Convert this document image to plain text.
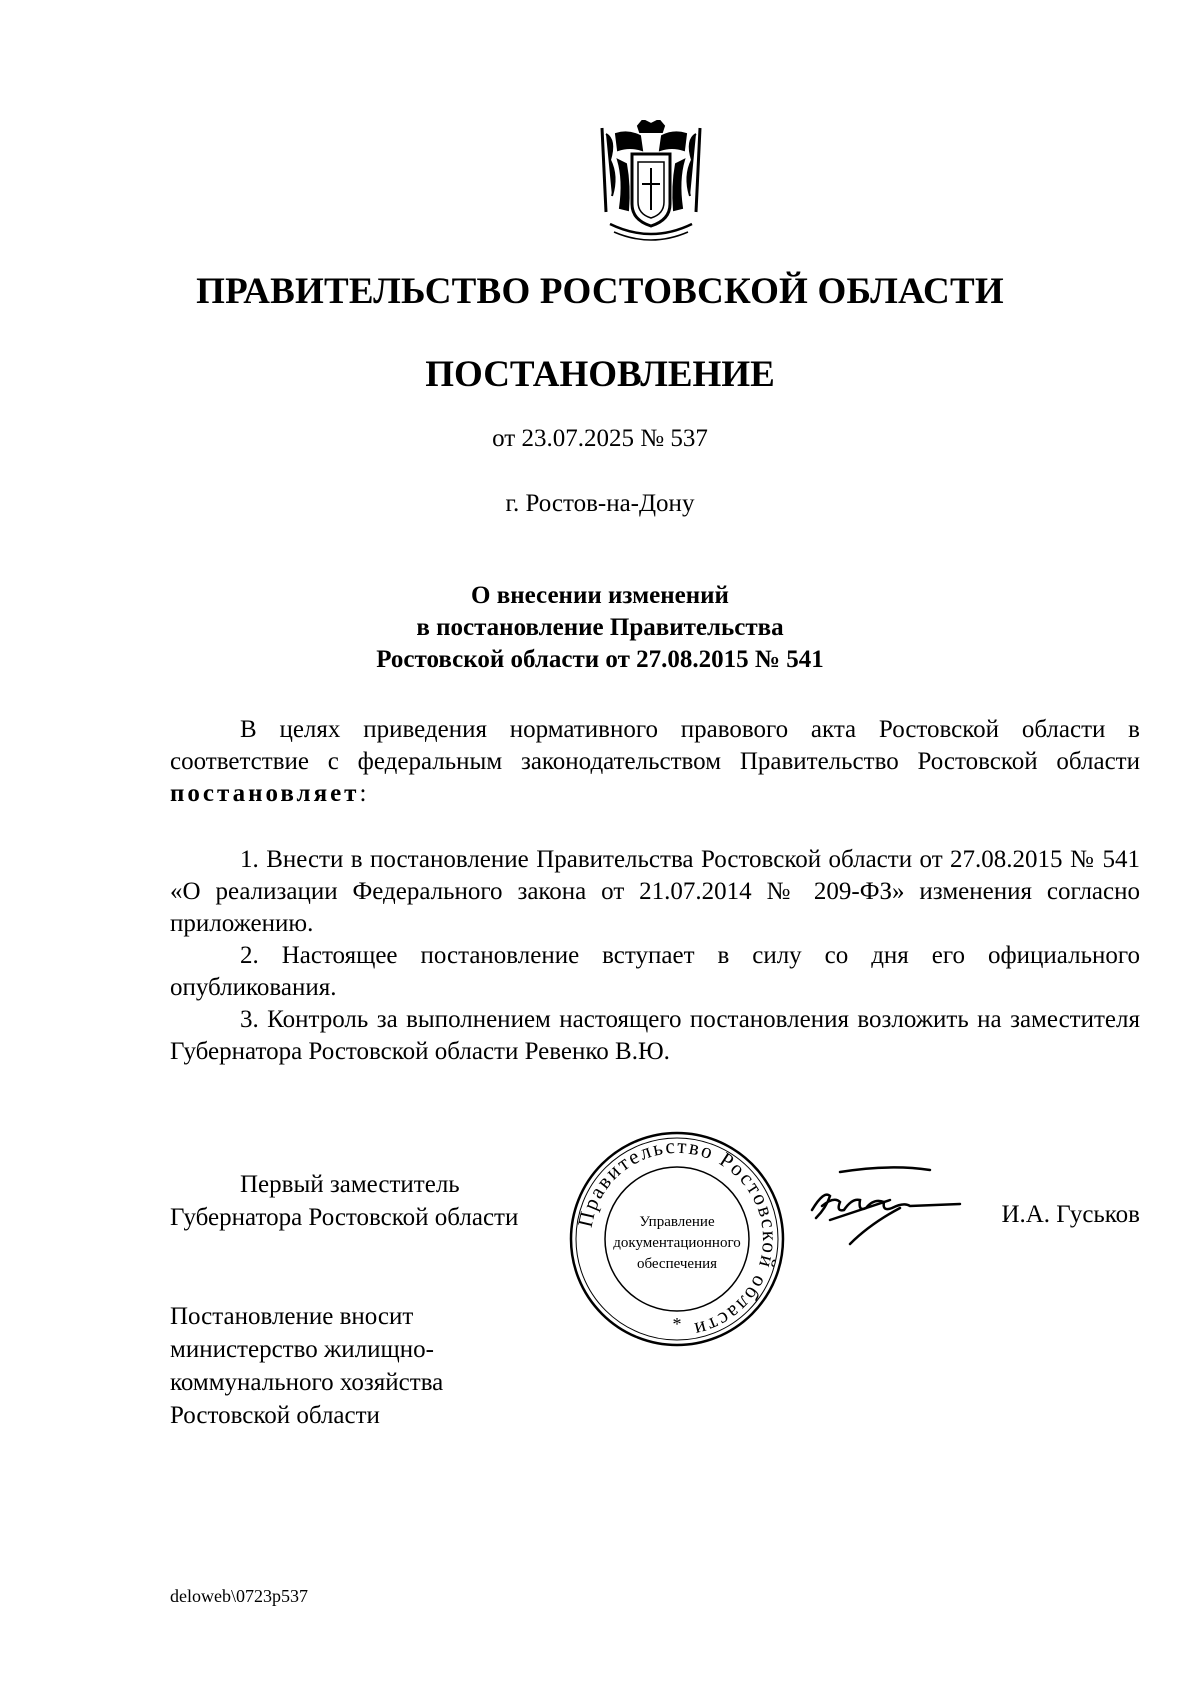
ПРАВИТЕЛЬСТВО РОСТОВСКОЙ ОБЛАСТИ
ПОСТАНОВЛЕНИЕ
от 23.07.2025 № 537
г. Ростов-на-Дону
О внесении изменений
в постановление Правительства
Ростовской области от 27.08.2015 № 541

В целях приведения нормативного правового акта Ростовской области в соответствие с федеральным законодательством Правительство Ростовской области постановляет:

1. Внести в постановление Правительства Ростовской области от 27.08.2015 № 541 «О реализации Федерального закона от 21.07.2014 № 209-ФЗ» изменения согласно приложению.

2. Настоящее постановление вступает в силу со дня его официального опубликования.

3. Контроль за выполнением настоящего постановления возложить на заместителя Губернатора Ростовской области Ревенко В.Ю.

Первый заместитель
Губернатора Ростовской области	Правительство Ростовской области
Управление
документационного
обеспечения
*
И.А. Гуськов
Постановление вносит
министерство жилищно-
коммунального хозяйства
Ростовской области
deloweb\0723p537
